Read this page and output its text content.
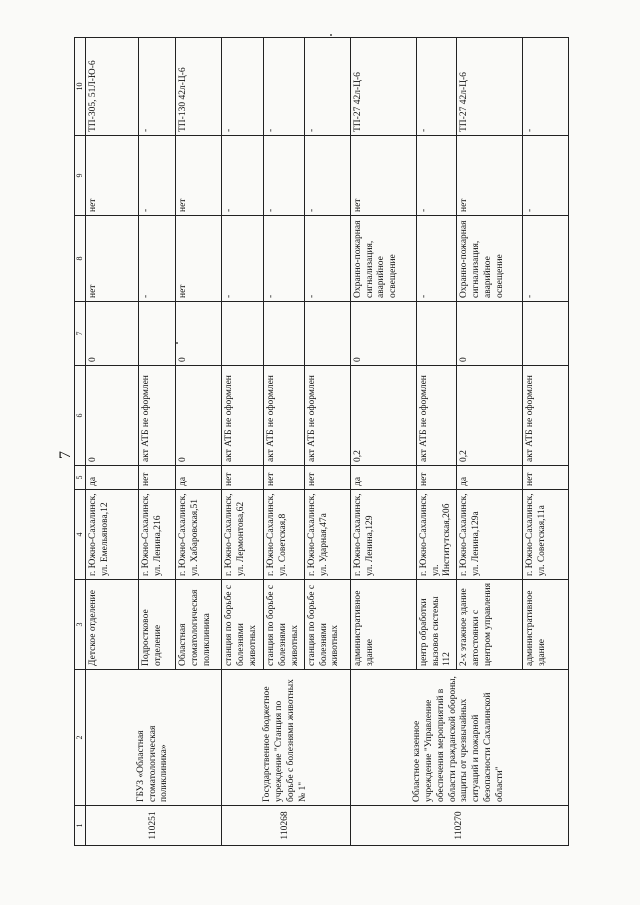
7
1	2	3	4	5	6	7	8	9	10
110251	ГБУЗ «Областная стоматологическая поликлиника»	Детское отделение	г. Южно-Сахалинск, ул. Емельянова,12	да	0	0	нет	нет	ТП-305, 51Л-Ю-6
		Подростковое отделение	г. Южно-Сахалинск, ул. Ленина,216	нет	акт АТБ не оформлен		-	-	-
		Областная стоматологическая поликлиника	г. Южно-Сахалинск, ул. Хабаровская,51	да	0	0	нет	нет	ТП-130 42л-Ц-6
110268	Государственное бюджетное учреждение "Станция по борьбе с болезнями животных № 1"	станция по борьбе с болезнями животных	г. Южно-Сахалинск, ул. Лермонтова,62	нет	акт АТБ не оформлен		-	-	-
		станция по борьбе с болезнями животных	г. Южно-Сахалинск, ул. Советская,8	нет	акт АТБ не оформлен		-	-	-
		станция по борьбе с болезнями животных	г. Южно-Сахалинск, ул. Ударная,47а	нет	акт АТБ не оформлен		-	-	-
110270	Областное казенное учреждение "Управление обеспечения мероприятий в области гражданской обороны, защиты от чрезвычайных ситуаций и пожарной безопасности Сахалинской области"	административное здание	г. Южно-Сахалинск, ул. Ленина,129	да	0,2	0	Охранно-пожарная сигнализация, аварийное освещение	нет	ТП-27 42л-Ц-6
		центр обработки вызовов системы 112	г. Южно-Сахалинск, ул. Институтская,20б	нет	акт АТБ не оформлен		-	-	-
		2-х этажное здание автостоянки с центром управления	г. Южно-Сахалинск, ул. Ленина,129а	да	0,2	0	Охранно-пожарная сигнализация, аварийное освещение	нет	ТП-27 42л-Ц-6
		административное здание	г. Южно-Сахалинск, ул. Советская,11а	нет	акт АТБ не оформлен		-	-	-
